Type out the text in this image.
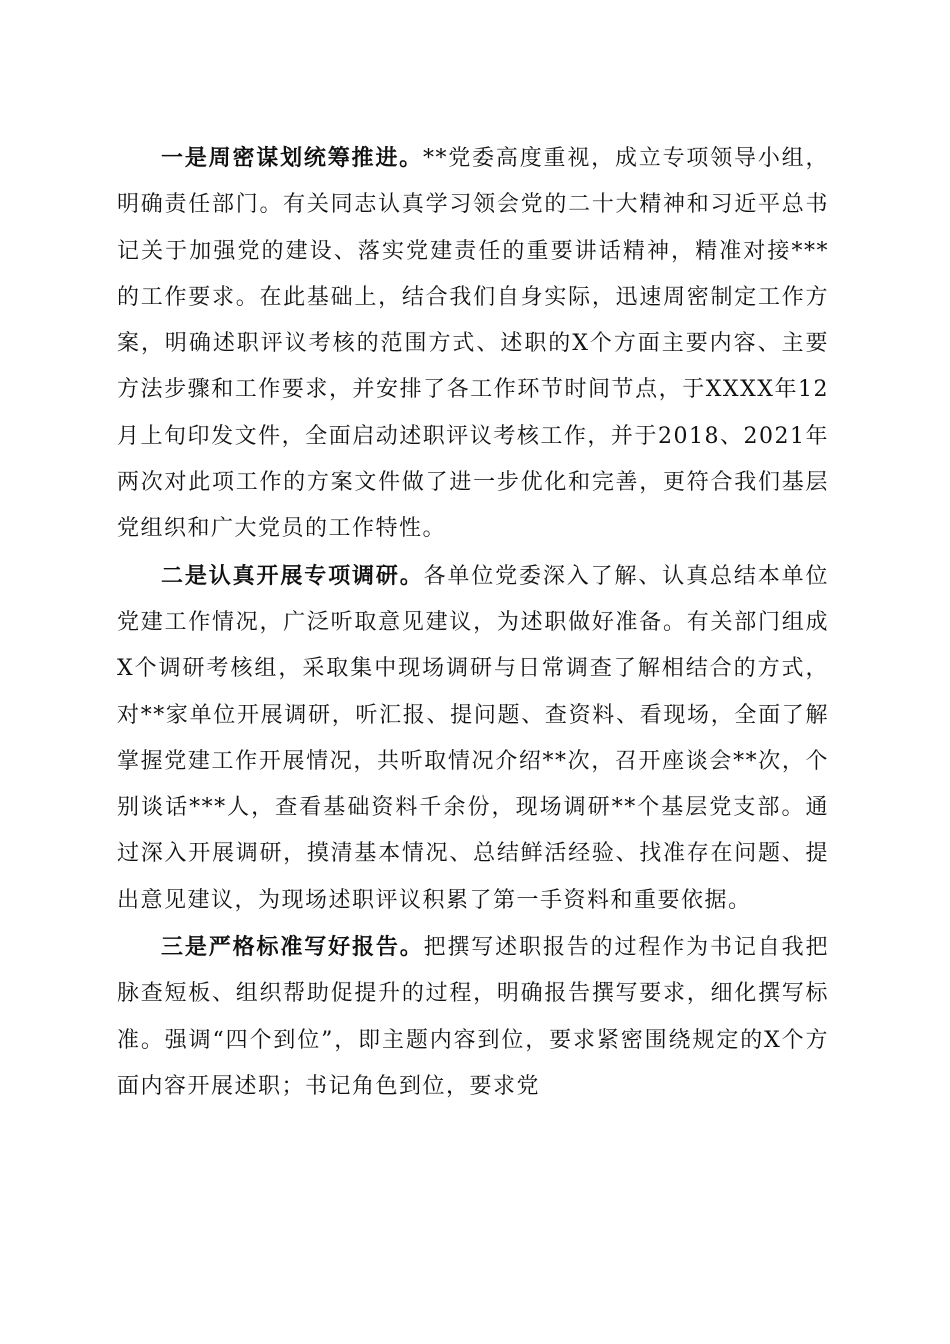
一是周密谋划统筹推进。**党委高度重视，成立专项领导小组，明确责任部门。有关同志认真学习领会党的二十大精神和习近平总书记关于加强党的建设、落实党建责任的重要讲话精神，精准对接***的工作要求。在此基础上，结合我们自身实际，迅速周密制定工作方案，明确述职评议考核的范围方式、述职的X个方面主要内容、主要方法步骤和工作要求，并安排了各工作环节时间节点，于XXXX年12月上旬印发文件，全面启动述职评议考核工作，并于2018、2021年两次对此项工作的方案文件做了进一步优化和完善，更符合我们基层党组织和广大党员的工作特性。

二是认真开展专项调研。各单位党委深入了解、认真总结本单位党建工作情况，广泛听取意见建议，为述职做好准备。有关部门组成X个调研考核组，采取集中现场调研与日常调查了解相结合的方式，对**家单位开展调研，听汇报、提问题、查资料、看现场，全面了解掌握党建工作开展情况，共听取情况介绍**次，召开座谈会**次，个别谈话***人，查看基础资料千余份，现场调研**个基层党支部。通过深入开展调研，摸清基本情况、总结鲜活经验、找准存在问题、提出意见建议，为现场述职评议积累了第一手资料和重要依据。

三是严格标准写好报告。把撰写述职报告的过程作为书记自我把脉查短板、组织帮助促提升的过程，明确报告撰写要求，细化撰写标准。强调“四个到位”，即主题内容到位，要求紧密围绕规定的X个方面内容开展述职；书记角色到位，要求党
